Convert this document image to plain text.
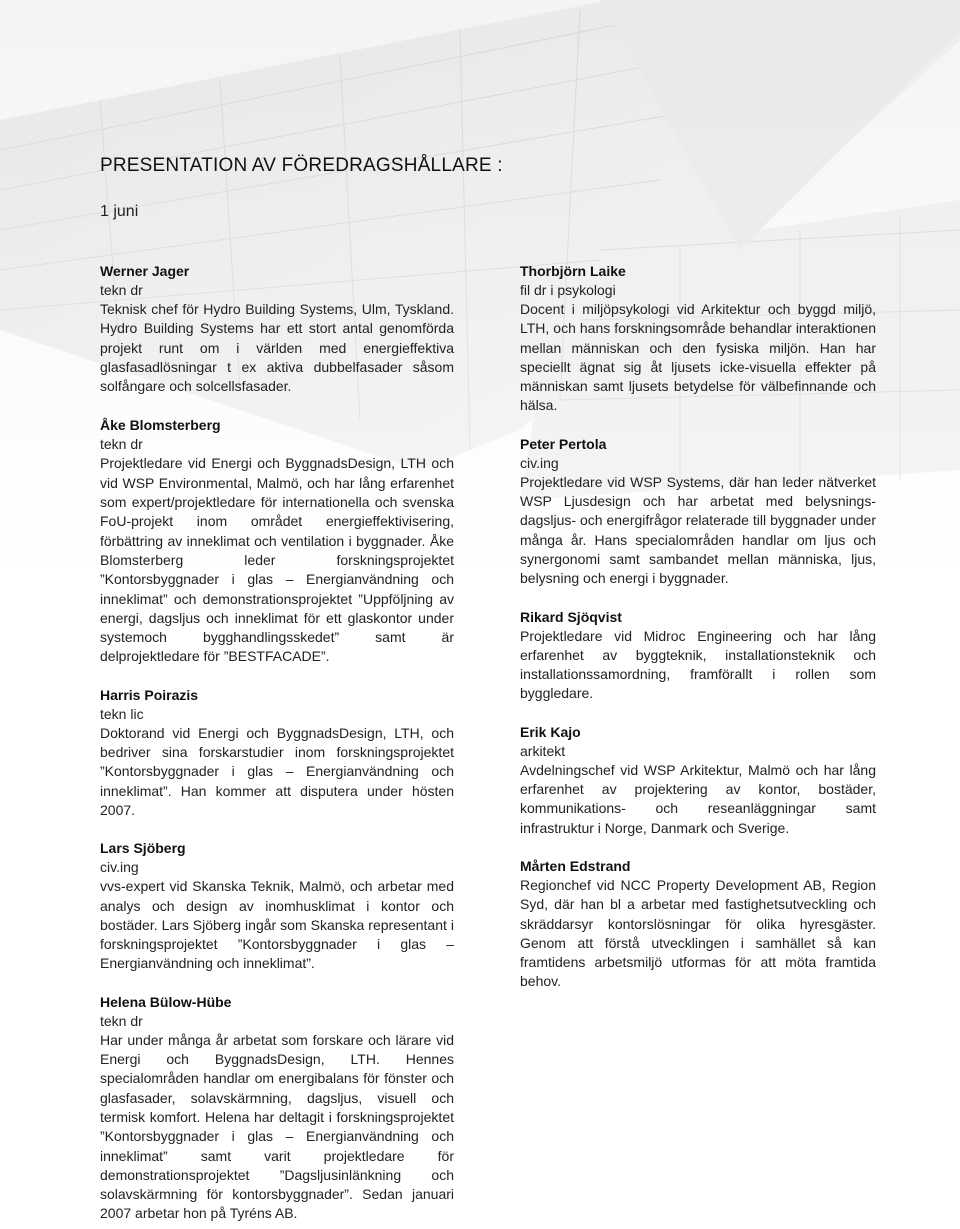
PRESENTATION AV FÖREDRAGSHÅLLARE :
1 juni
Werner Jager
tekn dr
Teknisk chef för Hydro Building Systems, Ulm, Tyskland. Hydro Building Systems har ett stort antal genomförda projekt runt om i världen med energieffektiva glasfasadlösningar t ex aktiva dubbelfasader såsom solfångare och solcellsfasader.
Åke Blomsterberg
tekn dr
Projektledare vid Energi och ByggnadsDesign, LTH och vid WSP Environmental, Malmö, och har lång erfarenhet som expert/projektledare för internationella och svenska FoU-projekt inom området energieffektivisering, förbättring av inneklimat och ventilation i byggnader. Åke Blomsterberg leder forskningsprojektet ”Kontorsbyggnader i glas – Energianvändning och inneklimat” och demonstrationsprojektet ”Uppföljning av energi, dagsljus och inneklimat för ett glaskontor under systemoch bygghandlingsskedet” samt är delprojektledare för ”BESTFACADE”.
Harris Poirazis
tekn lic
Doktorand vid Energi och ByggnadsDesign, LTH, och bedriver sina forskarstudier inom forskningsprojektet ”Kontorsbyggnader i glas – Energianvändning och inneklimat”. Han kommer att disputera under hösten 2007.
Lars Sjöberg
civ.ing
vvs-expert vid Skanska Teknik, Malmö, och arbetar med analys och design av inomhusklimat i kontor och bostäder. Lars Sjöberg ingår som Skanska representant i forskningsprojektet ”Kontorsbyggnader i glas – Energianvändning och inneklimat”.
Helena Bülow-Hübe
tekn dr
Har under många år arbetat som forskare och lärare vid Energi och ByggnadsDesign, LTH. Hennes specialområden handlar om energibalans för fönster och glasfasader, solavskärmning, dagsljus, visuell och termisk komfort. Helena har deltagit i forskningsprojektet ”Kontorsbyggnader i glas – Energianvändning och inneklimat” samt varit projektledare för demonstrationsprojektet ”Dagsljusinlänkning och solavskärmning för kontorsbyggnader”. Sedan januari 2007 arbetar hon på Tyréns AB.
Thorbjörn Laike
fil dr i psykologi
Docent i miljöpsykologi vid Arkitektur och byggd miljö, LTH, och hans forskningsområde behandlar interaktionen mellan människan och den fysiska miljön. Han har speciellt ägnat sig åt ljusets icke-visuella effekter på människan samt ljusets betydelse för välbefinnande och hälsa.
Peter Pertola
civ.ing
Projektledare vid WSP Systems, där han leder nätverket WSP Ljusdesign och har arbetat med belysnings- dagsljus- och energifrågor relaterade till byggnader under många år. Hans specialområden handlar om ljus och synergonomi samt sambandet mellan människa, ljus, belysning och energi i byggnader.
Rikard Sjöqvist
Projektledare vid Midroc Engineering och har lång erfarenhet av byggteknik, installationsteknik och installationssamordning, framförallt i rollen som byggledare.
Erik Kajo
arkitekt
Avdelningschef vid WSP Arkitektur, Malmö och har lång erfarenhet av projektering av kontor, bostäder, kommunikations- och reseanläggningar samt infrastruktur i Norge, Danmark och Sverige.
Mårten Edstrand
Regionchef vid NCC Property Development AB, Region Syd, där han bl a arbetar med fastighetsutveckling och skräddarsyr kontorslösningar för olika hyresgäster. Genom att förstå utvecklingen i samhället så kan framtidens arbetsmiljö utformas för att möta framtida behov.
